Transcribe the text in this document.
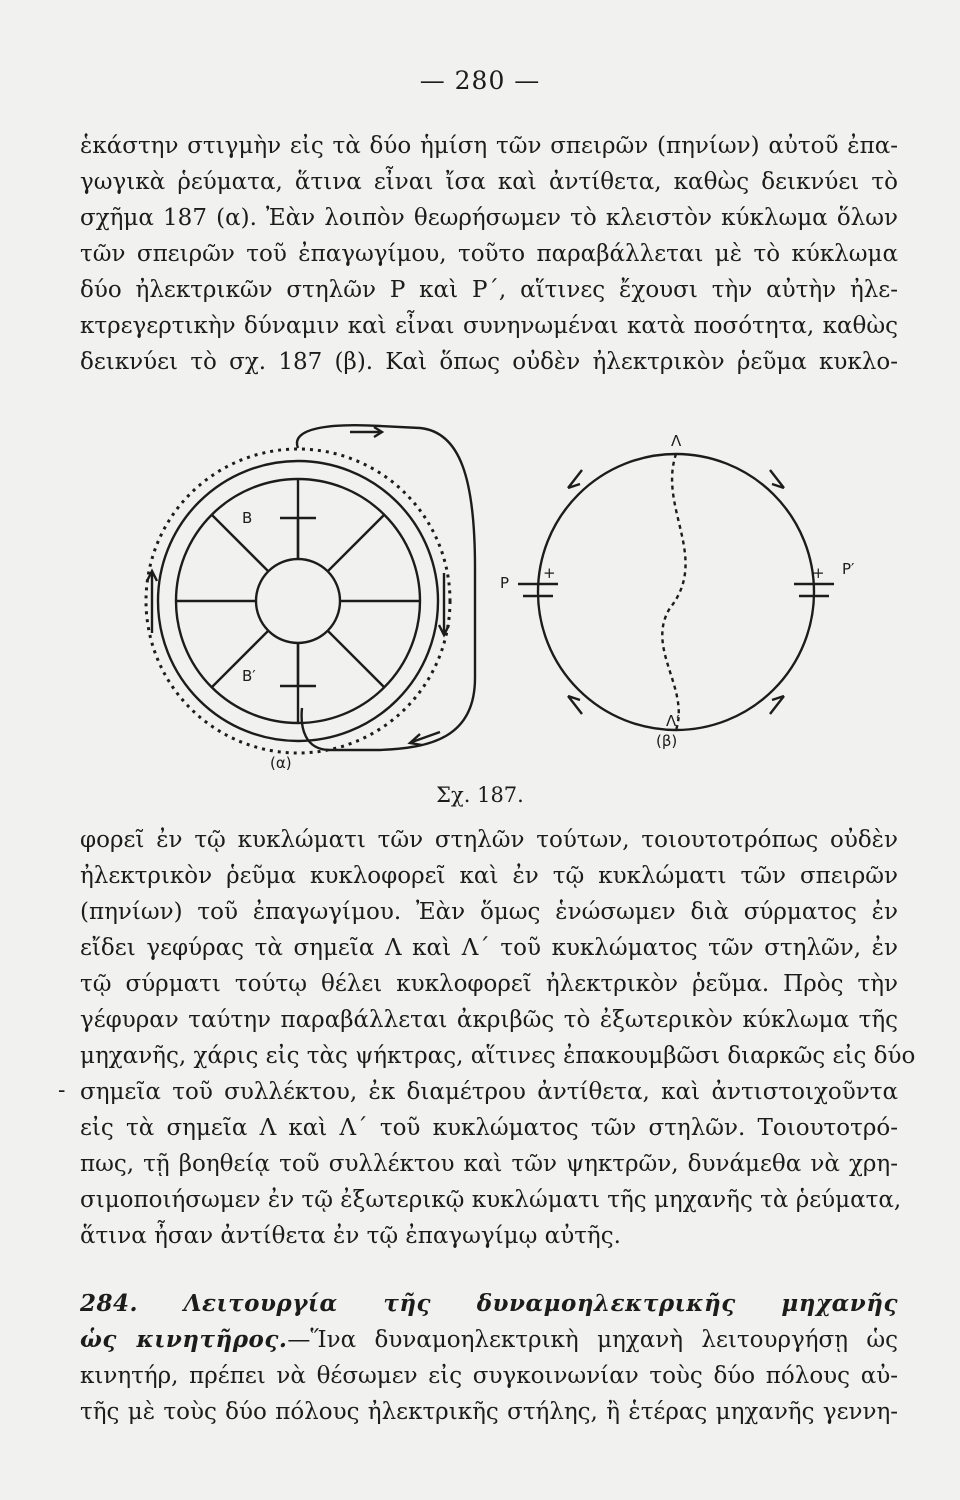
— 280 —

ἑκάστην στιγμὴν εἰς τὰ δύο ἡμίση τῶν σπειρῶν (πηνίων) αὐτοῦ ἐπα-

γωγικὰ ῥεύματα, ἅτινα εἶναι ἴσα καὶ ἀντίθετα, καθὼς δεικνύει τὸ

σχῆμα 187 (α). Ἐὰν λοιπὸν θεωρήσωμεν τὸ κλειστὸν κύκλωμα ὅλων

τῶν σπειρῶν τοῦ ἐπαγωγίμου, τοῦτο παραβάλλεται μὲ τὸ κύκλωμα

δύο ἠλεκτρικῶν στηλῶν Ρ καὶ Ρ΄, αἵτινες ἔχουσι τὴν αὐτὴν ἠλε-

κτρεγερτικὴν δύναμιν καὶ εἶναι συνηνωμέναι κατὰ ποσότητα, καθὼς

δεικνύει τὸ σχ. 187 (β). Καὶ ὅπως οὐδὲν ἠλεκτρικὸν ῥεῦμα κυκλο-

B
B′
(α)
P
+	P′
+
Λ
Λ′
(β)
Σχ. 187.
-

φορεῖ ἐν τῷ κυκλώματι τῶν στηλῶν τούτων, τοιουτοτρόπως οὐδὲν

ἠλεκτρικὸν ῥεῦμα κυκλοφορεῖ καὶ ἐν τῷ κυκλώματι τῶν σπειρῶν

(πηνίων) τοῦ ἐπαγωγίμου. Ἐὰν ὅμως ἑνώσωμεν διὰ σύρματος ἐν

εἴδει γεφύρας τὰ σημεῖα Λ καὶ Λ΄ τοῦ κυκλώματος τῶν στηλῶν, ἐν

τῷ σύρματι τούτῳ θέλει κυκλοφορεῖ ἠλεκτρικὸν ῥεῦμα. Πρὸς τὴν

γέφυραν ταύτην παραβάλλεται ἀκριβῶς τὸ ἐξωτερικὸν κύκλωμα τῆς

μηχανῆς, χάρις εἰς τὰς ψήκτρας, αἵτινες ἐπακουμβῶσι διαρκῶς εἰς δύο

σημεῖα τοῦ συλλέκτου, ἐκ διαμέτρου ἀντίθετα, καὶ ἀντιστοιχοῦντα

εἰς τὰ σημεῖα Λ καὶ Λ΄ τοῦ κυκλώματος τῶν στηλῶν. Τοιουτοτρό-

πως, τῇ βοηθείᾳ τοῦ συλλέκτου καὶ τῶν ψηκτρῶν, δυνάμεθα νὰ χρη-

σιμοποιήσωμεν ἐν τῷ ἐξωτερικῷ κυκλώματι τῆς μηχανῆς τὰ ῥεύματα,

ἅτινα ἦσαν ἀντίθετα ἐν τῷ ἐπαγωγίμῳ αὐτῆς.

284. Λειτουργία τῆς δυναμοηλεκτρικῆς μηχανῆς

ὡς κινητῆρος.—Ἵνα δυναμοηλεκτρικὴ μηχανὴ λειτουργήσῃ ὡς

κινητήρ, πρέπει νὰ θέσωμεν εἰς συγκοινωνίαν τοὺς δύο πόλους αὐ-

τῆς μὲ τοὺς δύο πόλους ἠλεκτρικῆς στήλης, ἢ ἑτέρας μηχανῆς γεννη-
